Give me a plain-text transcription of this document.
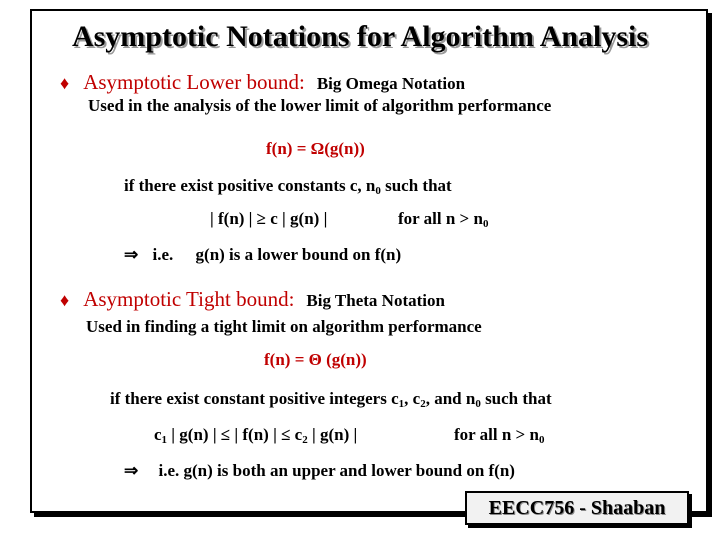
Asymptotic Notations for Algorithm Analysis
♦ Asymptotic Lower bound: Big Omega Notation
Used in the analysis of the lower limit of algorithm performance
f(n) = Ω(g(n))
if there exist positive constants c, $n_0$ such that
| f(n) | ≥ c | g(n) |	for all $n > n_0$
⇒ i.e. g(n) is a lower bound on f(n)
♦ Asymptotic Tight bound: Big Theta Notation
Used in finding a tight limit on algorithm performance
f(n) = Θ (g(n))
if there exist constant positive integers $c_1$, $c_2$, and $n_0$ such that
$c_1$ | g(n) | ≤ | f(n) | ≤ $c_2$ | g(n) |	for all $n > n_0$
⇒ i.e. g(n) is both an upper and lower bound on f(n)
EECC756 - Shaaban
